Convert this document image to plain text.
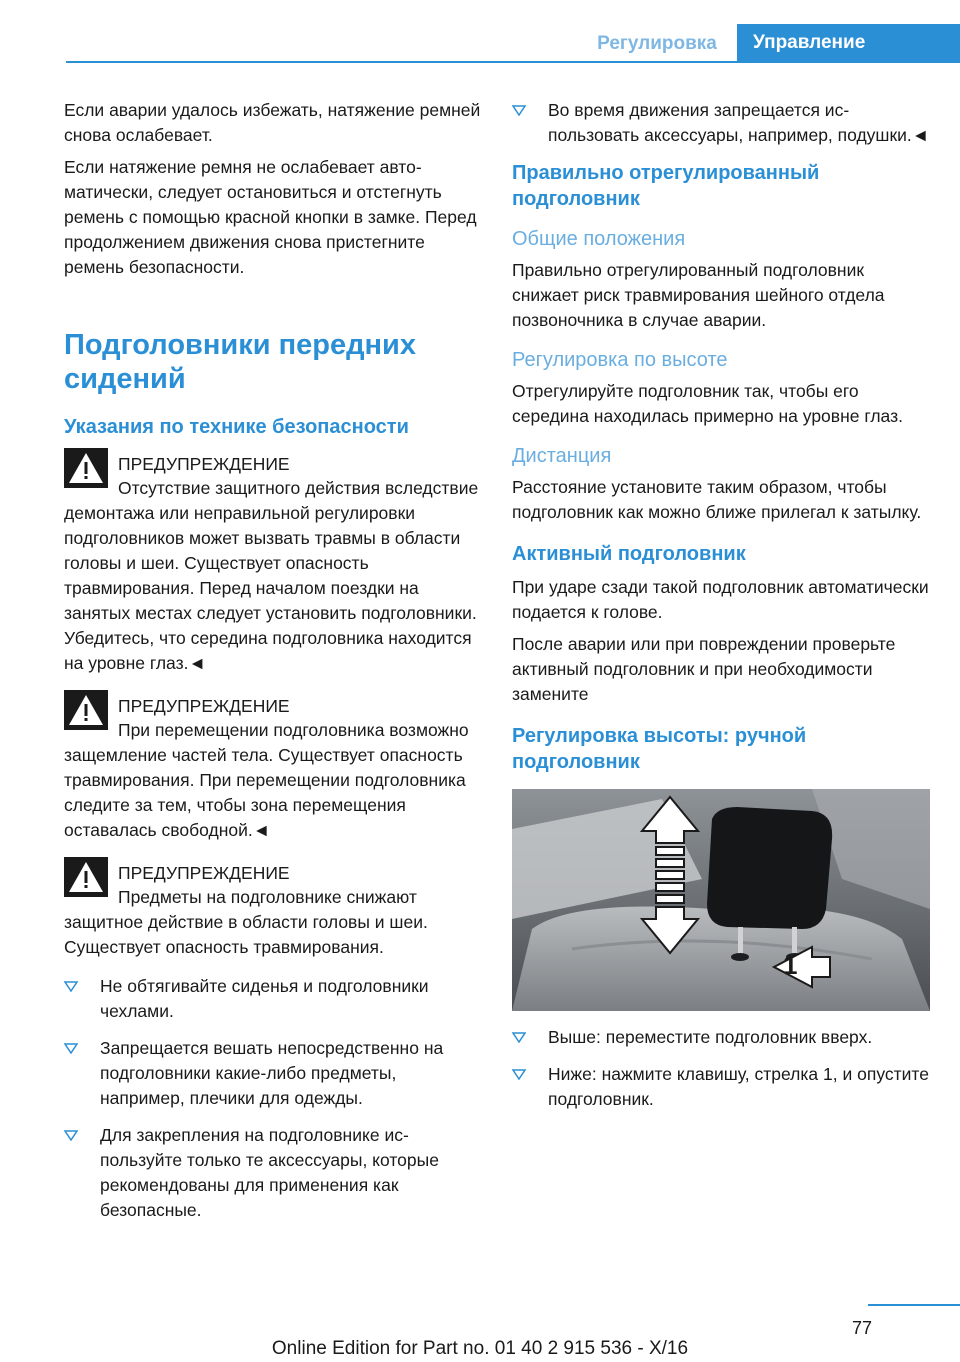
Регулировка	Управление

Если аварии удалось избежать, натяжение ремней снова ослабевает.

Если натяжение ремня не ослабевает автоматически, следует остановиться и отстегнуть ремень с помощью красной кнопки в замке. Перед продолжением движения снова пристегните ремень безопасности.

Подголовники передних сидений
Указания по технике безопасности
ПРЕДУПРЕЖДЕНИЕ
Отсутствие защитного действия вследствие демонтажа или неправильной регулировки подголовников может вызвать травмы в области головы и шеи. Существует опасность травмирования. Перед началом поездки на занятых местах следует установить подголовники. Убедитесь, что середина подголовника находится на уровне глаз.◄
ПРЕДУПРЕЖДЕНИЕ
При перемещении подголовника возможно защемление частей тела. Существует опасность травмирования. При перемещении подголовника следите за тем, чтобы зона перемещения оставалась свободной.◄
ПРЕДУПРЕЖДЕНИЕ
Предметы на подголовнике снижают защитное действие в области головы и шеи. Существует опасность травмирования.
Не обтягивайте сиденья и подголовники чехлами.
Запрещается вешать непосредственно на подголовники какие-либо предметы, например, плечики для одежды.
Для закрепления на подголовнике используйте только те аксессуары, которые рекомендованы для применения как безопасные.
Во время движения запрещается использовать аксессуары, например, подушки.◄
Правильно отрегулированный подголовник
Общие положения

Правильно отрегулированный подголовник снижает риск травмирования шейного отдела позвоночника в случае аварии.

Регулировка по высоте

Отрегулируйте подголовник так, чтобы его середина находилась примерно на уровне глаз.

Дистанция

Расстояние установите таким образом, чтобы подголовник как можно ближе прилегал к затылку.

Активный подголовник

При ударе сзади такой подголовник автоматически подается к голове.

После аварии или при повреждении проверьте активный подголовник и при необходимости замените

Регулировка высоты: ручной подголовник
1
Выше: переместите подголовник вверх.
Ниже: нажмите клавишу, стрелка 1, и опустите подголовник.
77
Online Edition for Part no. 01 40 2 915 536 - X/16
